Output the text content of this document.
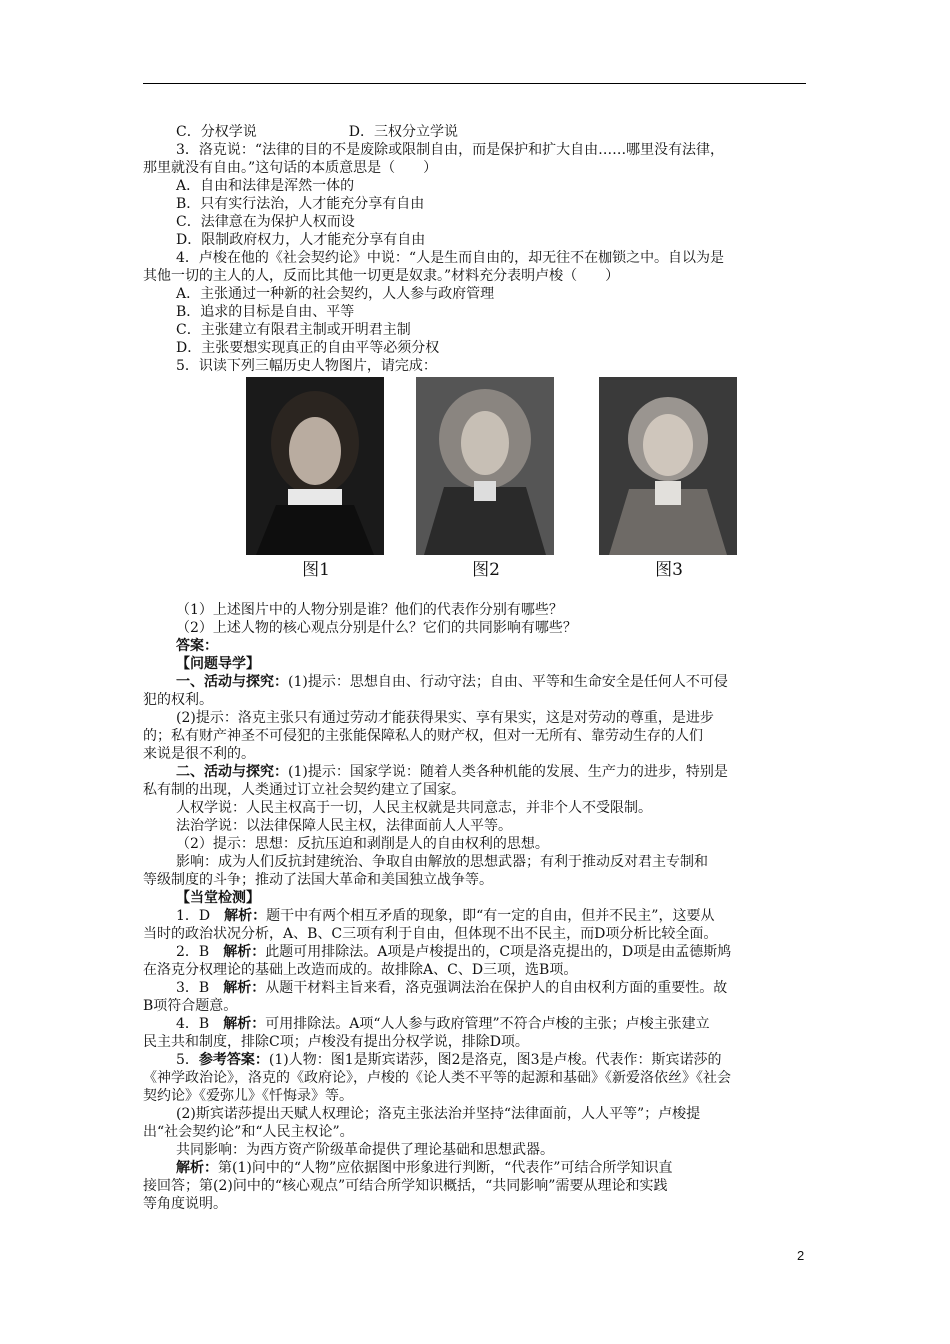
C．分权学说	D．三权分立学说
3．洛克说：“法律的目的不是废除或限制自由，而是保护和扩大自由……哪里没有法律，
那里就没有自由。”这句话的本质意思是（　　）
A．自由和法律是浑然一体的
B．只有实行法治，人才能充分享有自由
C．法律意在为保护人权而设
D．限制政府权力，人才能充分享有自由
4．卢梭在他的《社会契约论》中说：“人是生而自由的，却无往不在枷锁之中。自以为是
其他一切的主人的人，反而比其他一切更是奴隶。”材料充分表明卢梭（　　）
A．主张通过一种新的社会契约，人人参与政府管理
B．追求的目标是自由、平等
C．主张建立有限君主制或开明君主制
D．主张要想实现真正的自由平等必须分权
5．识读下列三幅历史人物图片，请完成：
图1	图2	图3
（1）上述图片中的人物分别是谁？他们的代表作分别有哪些？
（2）上述人物的核心观点分别是什么？它们的共同影响有哪些？
答案：
【问题导学】
一、活动与探究：(1)提示：思想自由、行动守法；自由、平等和生命安全是任何人不可侵
犯的权利。
(2)提示：洛克主张只有通过劳动才能获得果实、享有果实，这是对劳动的尊重，是进步
的；私有财产神圣不可侵犯的主张能保障私人的财产权，但对一无所有、靠劳动生存的人们
来说是很不利的。
二、活动与探究：(1)提示：国家学说：随着人类各种机能的发展、生产力的进步，特别是
私有制的出现，人类通过订立社会契约建立了国家。
人权学说：人民主权高于一切，人民主权就是共同意志，并非个人不受限制。
法治学说：以法律保障人民主权，法律面前人人平等。
（2）提示：思想：反抗压迫和剥削是人的自由权利的思想。
影响：成为人们反抗封建统治、争取自由解放的思想武器；有利于推动反对君主专制和
等级制度的斗争；推动了法国大革命和美国独立战争等。
【当堂检测】
1．D　解析：题干中有两个相互矛盾的现象，即“有一定的自由，但并不民主”，这要从
当时的政治状况分析，A、B、C三项有利于自由，但体现不出不民主，而D项分析比较全面。
2．B　解析：此题可用排除法。A项是卢梭提出的，C项是洛克提出的，D项是由孟德斯鸠
在洛克分权理论的基础上改造而成的。故排除A、C、D三项，选B项。
3．B　解析：从题干材料主旨来看，洛克强调法治在保护人的自由权利方面的重要性。故
B项符合题意。
4．B　解析：可用排除法。A项“人人参与政府管理”不符合卢梭的主张；卢梭主张建立
民主共和制度，排除C项；卢梭没有提出分权学说，排除D项。
5．参考答案：(1)人物：图1是斯宾诺莎，图2是洛克，图3是卢梭。代表作：斯宾诺莎的
《神学政治论》，洛克的《政府论》，卢梭的《论人类不平等的起源和基础》《新爱洛依丝》《社会
契约论》《爱弥儿》《忏悔录》等。
(2)斯宾诺莎提出天赋人权理论；洛克主张法治并坚持“法律面前，人人平等”；卢梭提
出“社会契约论”和“人民主权论”。
共同影响：为西方资产阶级革命提供了理论基础和思想武器。
解析：第(1)问中的“人物”应依据图中形象进行判断，“代表作”可结合所学知识直
接回答；第(2)问中的“核心观点”可结合所学知识概括，“共同影响”需要从理论和实践
等角度说明。
2
